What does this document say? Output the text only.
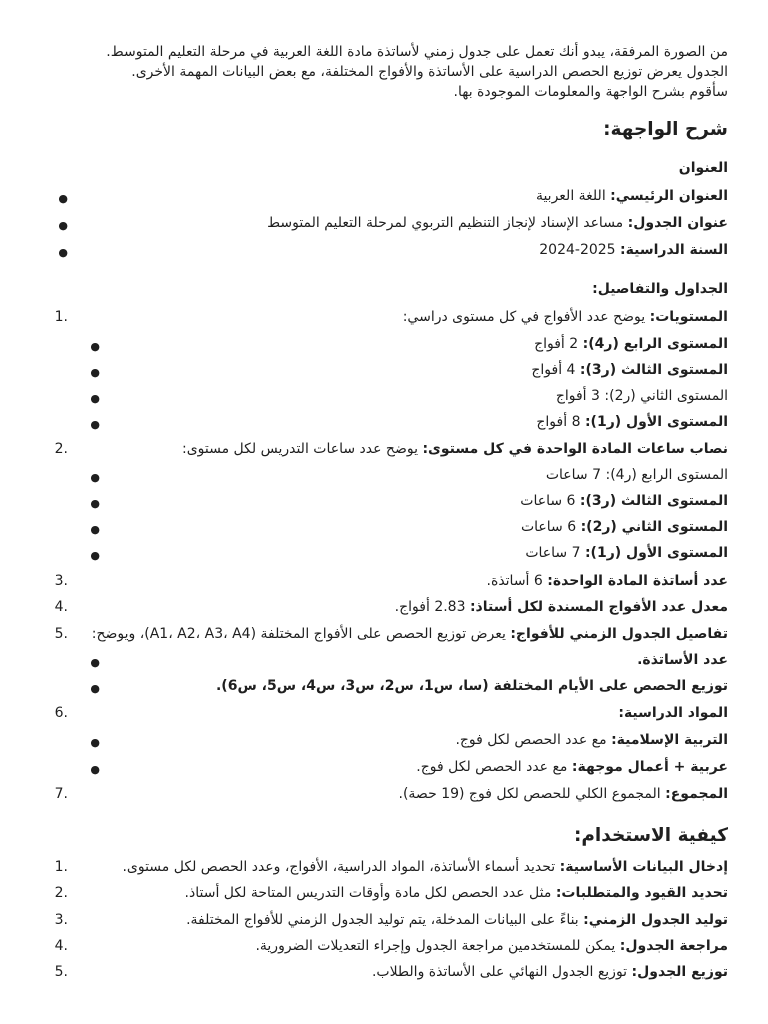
من الصورة المرفقة، يبدو أنك تعمل على جدول زمني لأساتذة مادة اللغة العربية في مرحلة التعليم المتوسط.

الجدول يعرض توزيع الحصص الدراسية على الأساتذة والأفواج المختلفة، مع بعض البيانات المهمة الأخرى.

سأقوم بشرح الواجهة والمعلومات الموجودة بها.

شرح الواجهة:

العنوان

●	العنوان الرئيسي: اللغة العربية

●	عنوان الجدول: مساعد الإسناد لإنجاز التنظيم التربوي لمرحلة التعليم المتوسط

●	السنة الدراسية: 2025-2024

الجداول والتفاصيل:

1.	المستويات: يوضح عدد الأفواج في كل مستوى دراسي:

●	المستوى الرابع (ر4): 2 أفواج

●	المستوى الثالث (ر3): 4 أفواج

●	المستوى الثاني (ر2): 3 أفواج

●	المستوى الأول (ر1): 8 أفواج

2.	نصاب ساعات المادة الواحدة في كل مستوى: يوضح عدد ساعات التدريس لكل مستوى:

●	المستوى الرابع (ر4): 7 ساعات

●	المستوى الثالث (ر3): 6 ساعات

●	المستوى الثاني (ر2): 6 ساعات

●	المستوى الأول (ر1): 7 ساعات

3.	عدد أساتذة المادة الواحدة: 6 أساتذة.

4.	معدل عدد الأفواج المسندة لكل أستاذ: 2.83 أفواج.

5.	تفاصيل الجدول الزمني للأفواج: يعرض توزيع الحصص على الأفواج المختلفة (A1، A2، A3، A4)، ويوضح:

●	عدد الأساتذة.

●	توزيع الحصص على الأيام المختلفة (سا، س1، س2، س3، س4، س5، س6).

6.	المواد الدراسية:

●	التربية الإسلامية: مع عدد الحصص لكل فوج.

●	عربية + أعمال موجهة: مع عدد الحصص لكل فوج.

7.	المجموع: المجموع الكلي للحصص لكل فوج (19 حصة).

كيفية الاستخدام:

1.	إدخال البيانات الأساسية: تحديد أسماء الأساتذة، المواد الدراسية، الأفواج، وعدد الحصص لكل مستوى.

2.	تحديد القيود والمتطلبات: مثل عدد الحصص لكل مادة وأوقات التدريس المتاحة لكل أستاذ.

3.	توليد الجدول الزمني: بناءً على البيانات المدخلة، يتم توليد الجدول الزمني للأفواج المختلفة.

4.	مراجعة الجدول: يمكن للمستخدمين مراجعة الجدول وإجراء التعديلات الضرورية.

5.	توزيع الجدول: توزيع الجدول النهائي على الأساتذة والطلاب.
